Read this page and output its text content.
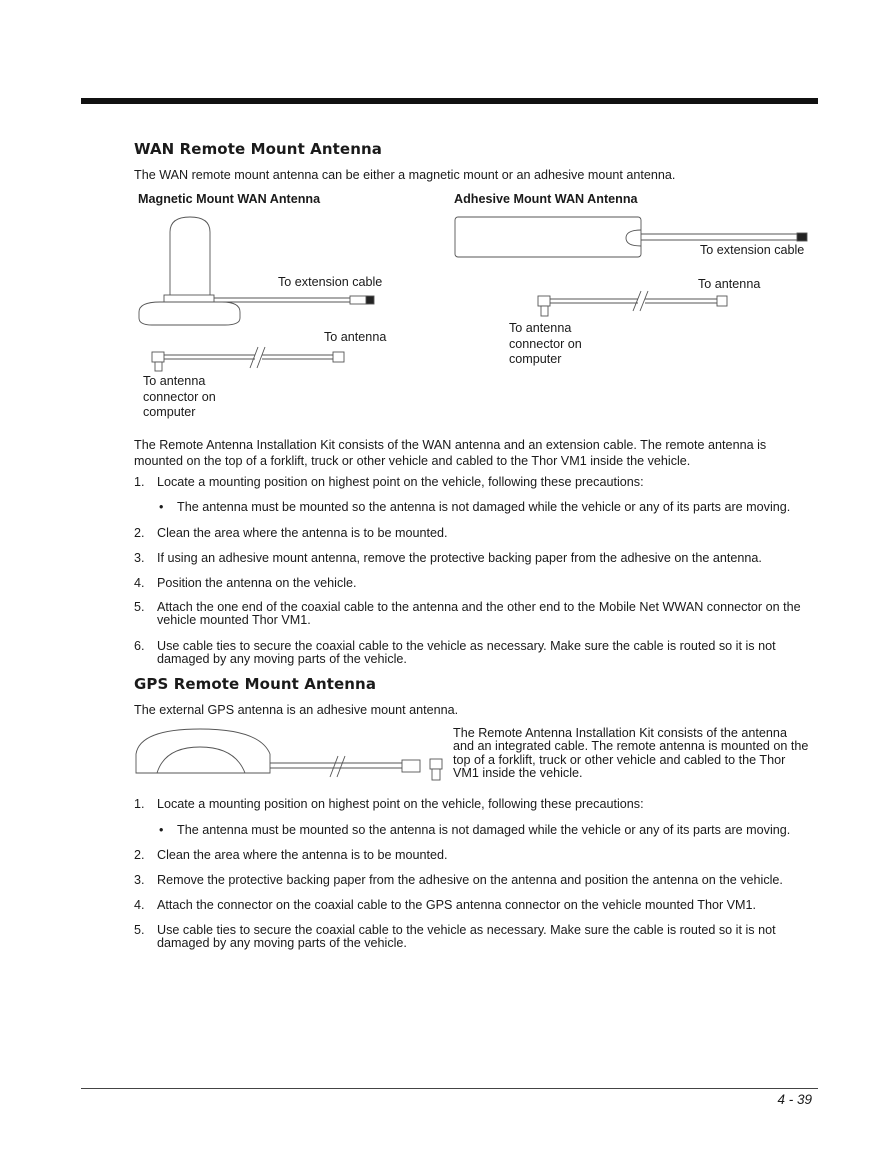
WAN Remote Mount Antenna
The WAN remote mount antenna can be either a magnetic mount or an adhesive mount antenna.
Magnetic Mount WAN Antenna	Adhesive Mount WAN Antenna
To extension cable
To antenna
To antenna
connector on
computer
To extension cable
To antenna
To antenna
connector on
computer
The Remote Antenna Installation Kit consists of the WAN antenna and an extension cable. The remote antenna is
mounted on the top of a forklift, truck or other vehicle and cabled to the Thor VM1 inside the vehicle.
1. Locate a mounting position on highest point on the vehicle, following these precautions:
• The antenna must be mounted so the antenna is not damaged while the vehicle or any of its parts are moving.
2. Clean the area where the antenna is to be mounted.
3. If using an adhesive mount antenna, remove the protective backing paper from the adhesive on the antenna.
4. Position the antenna on the vehicle.
5. Attach the one end of the coaxial cable to the antenna and the other end to the Mobile Net WWAN connector on the vehicle mounted Thor VM1.
6. Use cable ties to secure the coaxial cable to the vehicle as necessary. Make sure the cable is routed so it is not damaged by any moving parts of the vehicle.
GPS Remote Mount Antenna
The external GPS antenna is an adhesive mount antenna.
The Remote Antenna Installation Kit consists of the antenna
and an integrated cable. The remote antenna is mounted on the
top of a forklift, truck or other vehicle and cabled to the Thor
VM1 inside the vehicle.
1. Locate a mounting position on highest point on the vehicle, following these precautions:
• The antenna must be mounted so the antenna is not damaged while the vehicle or any of its parts are moving.
2. Clean the area where the antenna is to be mounted.
3. Remove the protective backing paper from the adhesive on the antenna and position the antenna on the vehicle.
4. Attach the connector on the coaxial cable to the GPS antenna connector on the vehicle mounted Thor VM1.
5. Use cable ties to secure the coaxial cable to the vehicle as necessary. Make sure the cable is routed so it is not damaged by any moving parts of the vehicle.
4 - 39
